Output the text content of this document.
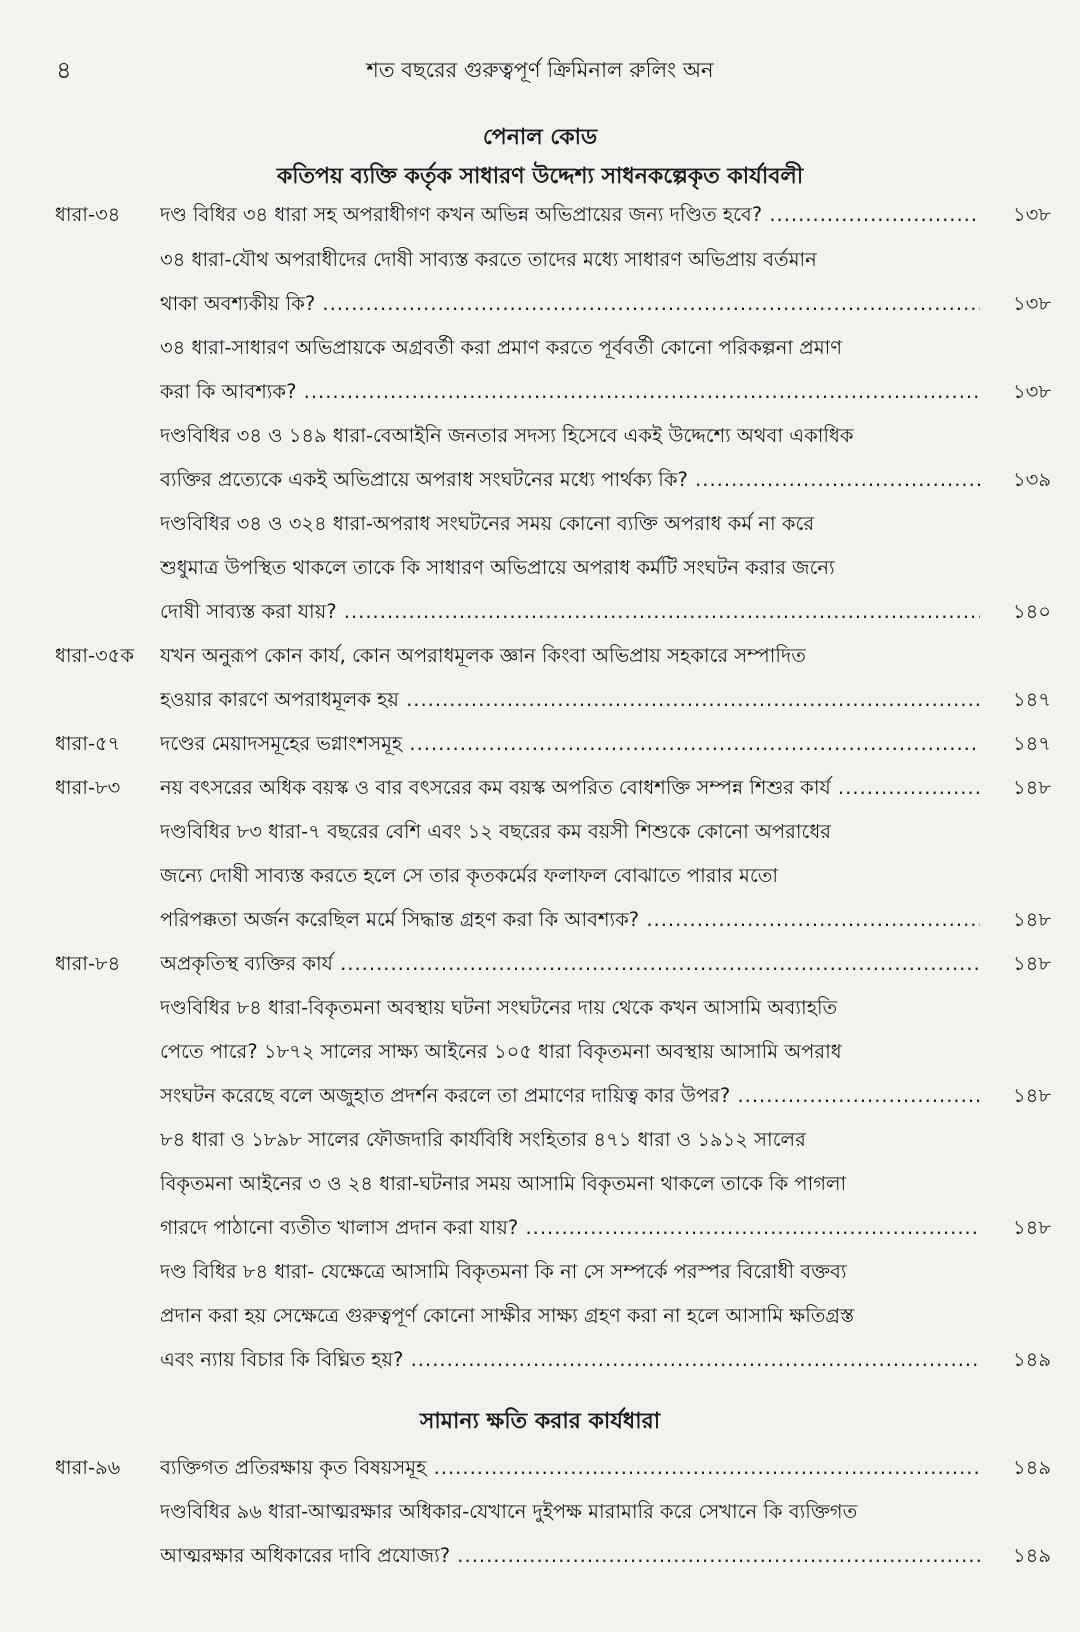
৪	শত বছরের গুরুত্বপূর্ণ ক্রিমিনাল রুলিং অন
পেনাল কোড
কতিপয় ব্যক্তি কর্তৃক সাধারণ উদ্দেশ্য সাধনকল্পেকৃত কার্যাবলী
ধারা-৩৪ দণ্ড বিধির ৩৪ ধারা সহ অপরাধীগণ কখন অভিন্ন অভিপ্রায়ের জন্য দণ্ডিত হবে? .....	১৩৮
৩৪ ধারা-যৌথ অপরাধীদের দোষী সাব্যস্ত করতে তাদের মধ্যে সাধারণ অভিপ্রায় বর্তমান
থাকা অবশ্যকীয় কি? .....	১৩৮
৩৪ ধারা-সাধারণ অভিপ্রায়কে অগ্রবর্তী করা প্রমাণ করতে পূর্ববর্তী কোনো পরিকল্পনা প্রমাণ
করা কি আবশ্যক? .....	১৩৮
দণ্ডবিধির ৩৪ ও ১৪৯ ধারা-বেআইনি জনতার সদস্য হিসেবে একই উদ্দেশ্যে অথবা একাধিক
ব্যক্তির প্রত্যেকে একই অভিপ্রায়ে অপরাধ সংঘটনের মধ্যে পার্থক্য কি? .....	১৩৯
দণ্ডবিধির ৩৪ ও ৩২৪ ধারা-অপরাধ সংঘটনের সময় কোনো ব্যক্তি অপরাধ কর্ম না করে
শুধুমাত্র উপস্থিত থাকলে তাকে কি সাধারণ অভিপ্রায়ে অপরাধ কর্মটি সংঘটন করার জন্যে
দোষী সাব্যস্ত করা যায়? .....	১৪০
ধারা-৩৫ক যখন অনুরূপ কোন কার্য, কোন অপরাধমূলক জ্ঞান কিংবা অভিপ্রায় সহকারে সম্পাদিত
হওয়ার কারণে অপরাধমূলক হয় .....	১৪৭
ধারা-৫৭ দণ্ডের মেয়াদসমূহের ভগ্নাংশসমূহ .....	১৪৭
ধারা-৮৩ নয় বৎসরের অধিক বয়স্ক ও বার বৎসরের কম বয়স্ক অপরিত বোধশক্তি সম্পন্ন শিশুর কার্য .....	১৪৮
দণ্ডবিধির ৮৩ ধারা-৭ বছরের বেশি এবং ১২ বছরের কম বয়সী শিশুকে কোনো অপরাধের
জন্যে দোষী সাব্যস্ত করতে হলে সে তার কৃতকর্মের ফলাফল বোঝাতে পারার মতো
পরিপক্কতা অর্জন করেছিল মর্মে সিদ্ধান্ত গ্রহণ করা কি আবশ্যক? .....	১৪৮
ধারা-৮৪ অপ্রকৃতিস্থ ব্যক্তির কার্য .....	১৪৮
দণ্ডবিধির ৮৪ ধারা-বিকৃতমনা অবস্থায় ঘটনা সংঘটনের দায় থেকে কখন আসামি অব্যাহতি
পেতে পারে? ১৮৭২ সালের সাক্ষ্য আইনের ১০৫ ধারা বিকৃতমনা অবস্থায় আসামি অপরাধ
সংঘটন করেছে বলে অজুহাত প্রদর্শন করলে তা প্রমাণের দায়িত্ব কার উপর? .....	১৪৮
৮৪ ধারা ও ১৮৯৮ সালের ফৌজদারি কার্যবিধি সংহিতার ৪৭১ ধারা ও ১৯১২ সালের
বিকৃতমনা আইনের ৩ ও ২৪ ধারা-ঘটনার সময় আসামি বিকৃতমনা থাকলে তাকে কি পাগলা
গারদে পাঠানো ব্যতীত খালাস প্রদান করা যায়? .....	১৪৮
দণ্ড বিধির ৮৪ ধারা- যেক্ষেত্রে আসামি বিকৃতমনা কি না সে সম্পর্কে পরস্পর বিরোধী বক্তব্য
প্রদান করা হয় সেক্ষেত্রে গুরুত্বপূর্ণ কোনো সাক্ষীর সাক্ষ্য গ্রহণ করা না হলে আসামি ক্ষতিগ্রস্ত
এবং ন্যায় বিচার কি বিঘ্নিত হয়? .....	১৪৯
সামান্য ক্ষতি করার কার্যধারা
ধারা-৯৬ ব্যক্তিগত প্রতিরক্ষায় কৃত বিষয়সমূহ .....	১৪৯
দণ্ডবিধির ৯৬ ধারা-আত্মরক্ষার অধিকার-যেখানে দুইপক্ষ মারামারি করে সেখানে কি ব্যক্তিগত
আত্মরক্ষার অধিকারের দাবি প্রযোজ্য? .....	১৪৯
